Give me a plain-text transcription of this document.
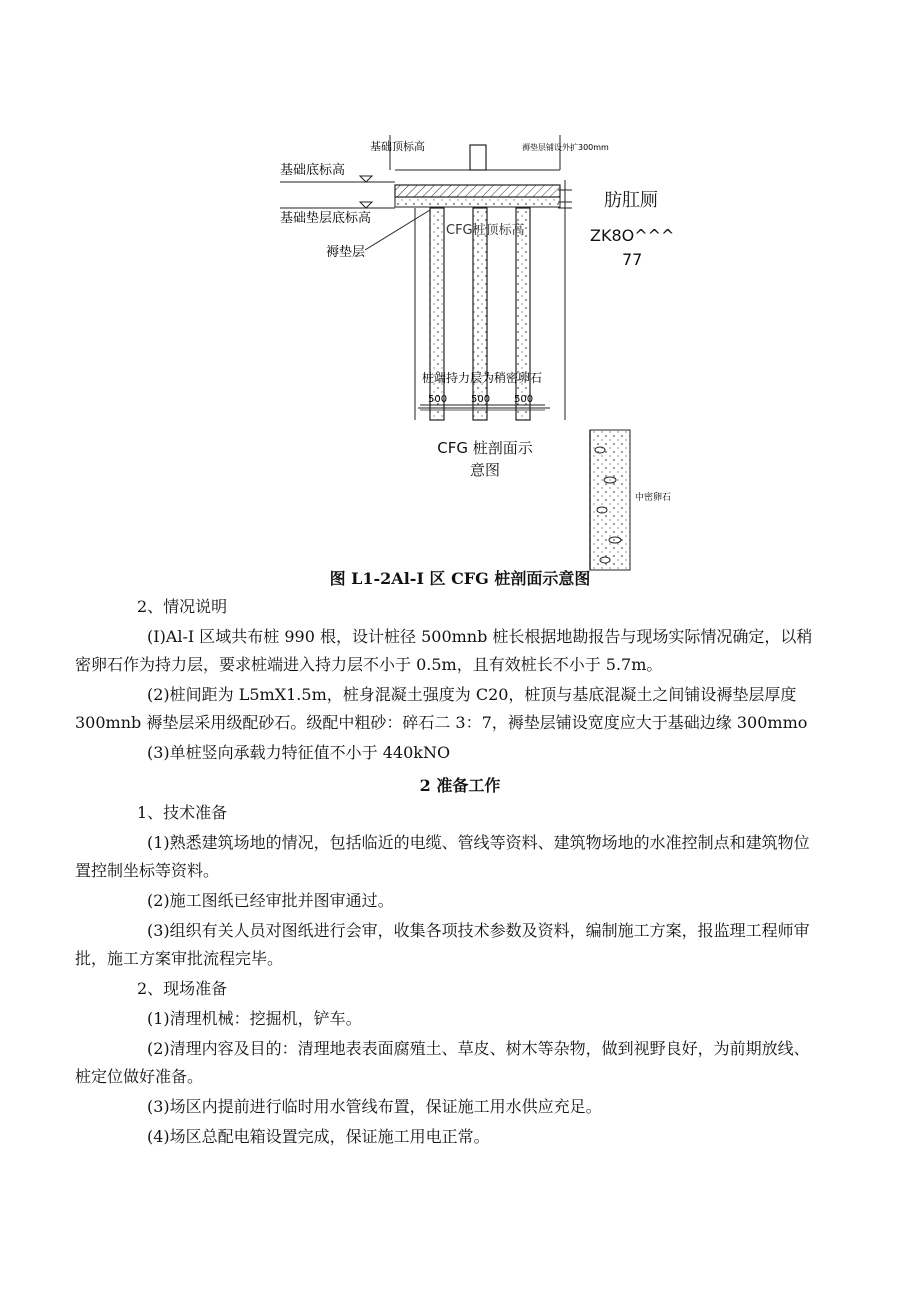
基础顶标高	褥垫层铺设外扩300mm
基础底标高
基础垫层底标高
褥垫层
CFG桩顶标高
桩端持力层为稍密卵石
500 500 500
中密卵石
肪肛厕
ZK8O^^^
77
CFG 桩剖面示
意图
图 L1-2Al-I 区 CFG 桩剖面示意图
2、情况说明
(I)Al-I 区域共布桩 990 根，设计桩径 500mnb 桩长根据地勘报告与现场实际情况确定，以稍
密卵石作为持力层，要求桩端进入持力层不小于 0.5m，且有效桩长不小于 5.7m。
(2)桩间距为 L5mX1.5m，桩身混凝土强度为 C20，桩顶与基底混凝土之间铺设褥垫层厚度
300mnb 褥垫层采用级配砂石。级配中粗砂：碎石二 3：7，褥垫层铺设宽度应大于基础边缘 300mmo
(3)单桩竖向承载力特征值不小于 440kNO
2 准备工作
1、技术准备
(1)熟悉建筑场地的情况，包括临近的电缆、管线等资料、建筑物场地的水准控制点和建筑物位
置控制坐标等资料。
(2)施工图纸已经审批并图审通过。
(3)组织有关人员对图纸进行会审，收集各项技术参数及资料，编制施工方案，报监理工程师审
批，施工方案审批流程完毕。
2、现场准备
(1)清理机械：挖掘机，铲车。
(2)清理内容及目的：清理地表表面腐殖土、草皮、树木等杂物，做到视野良好，为前期放线、
桩定位做好准备。
(3)场区内提前进行临时用水管线布置，保证施工用水供应充足。
(4)场区总配电箱设置完成，保证施工用电正常。
